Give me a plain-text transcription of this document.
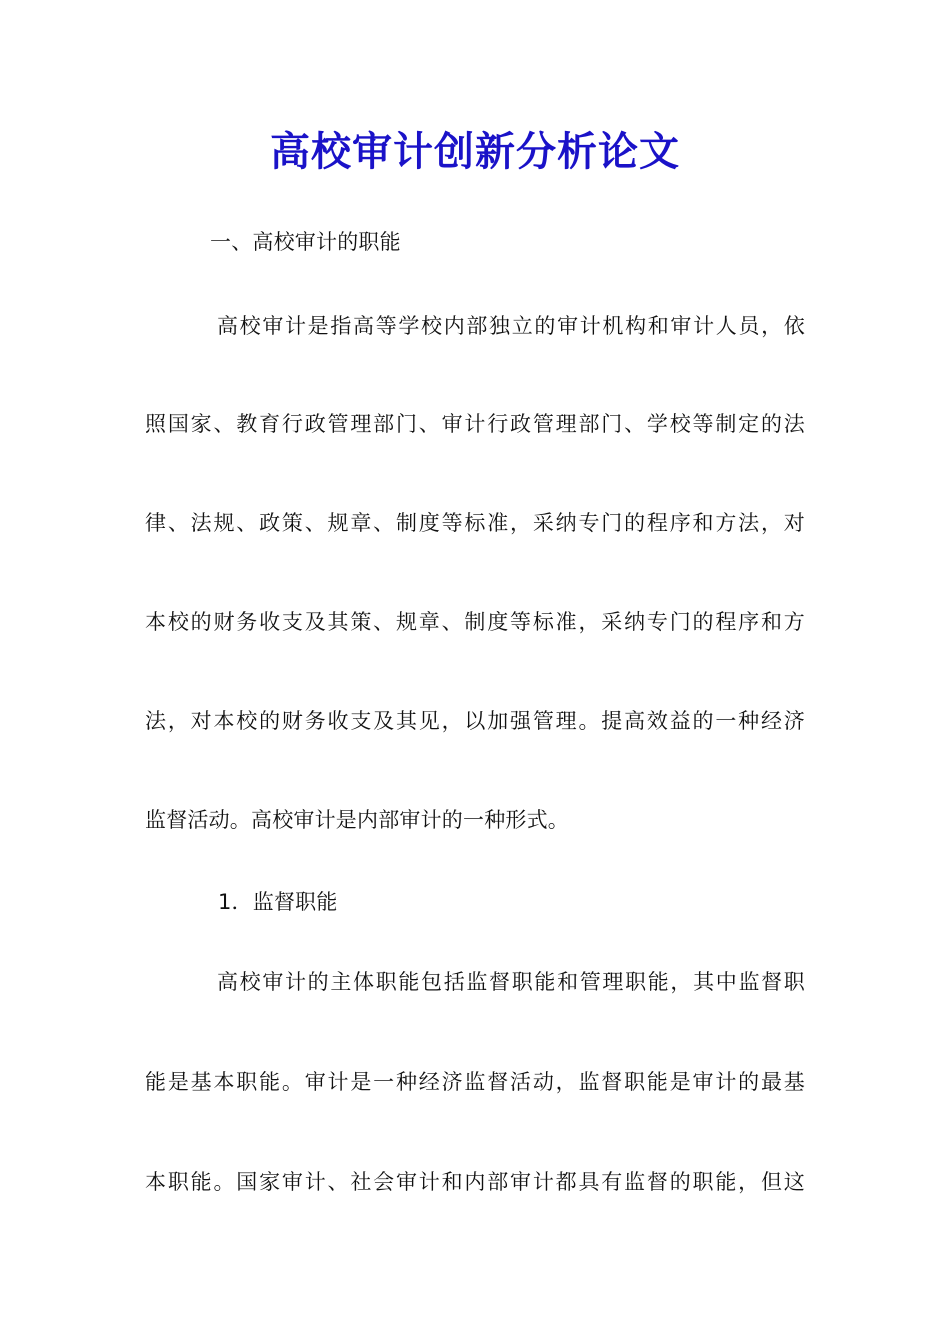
高校审计创新分析论文
一、高校审计的职能
高校审计是指高等学校内部独立的审计机构和审计人员，依
照国家、教育行政管理部门、审计行政管理部门、学校等制定的法
律、法规、政策、规章、制度等标准，采纳专门的程序和方法，对
本校的财务收支及其策、规章、制度等标准，采纳专门的程序和方
法，对本校的财务收支及其见，以加强管理。提高效益的一种经济
监督活动。高校审计是内部审计的一种形式。
1．监督职能
高校审计的主体职能包括监督职能和管理职能，其中监督职
能是基本职能。审计是一种经济监督活动，监督职能是审计的最基
本职能。国家审计、社会审计和内部审计都具有监督的职能，但这
